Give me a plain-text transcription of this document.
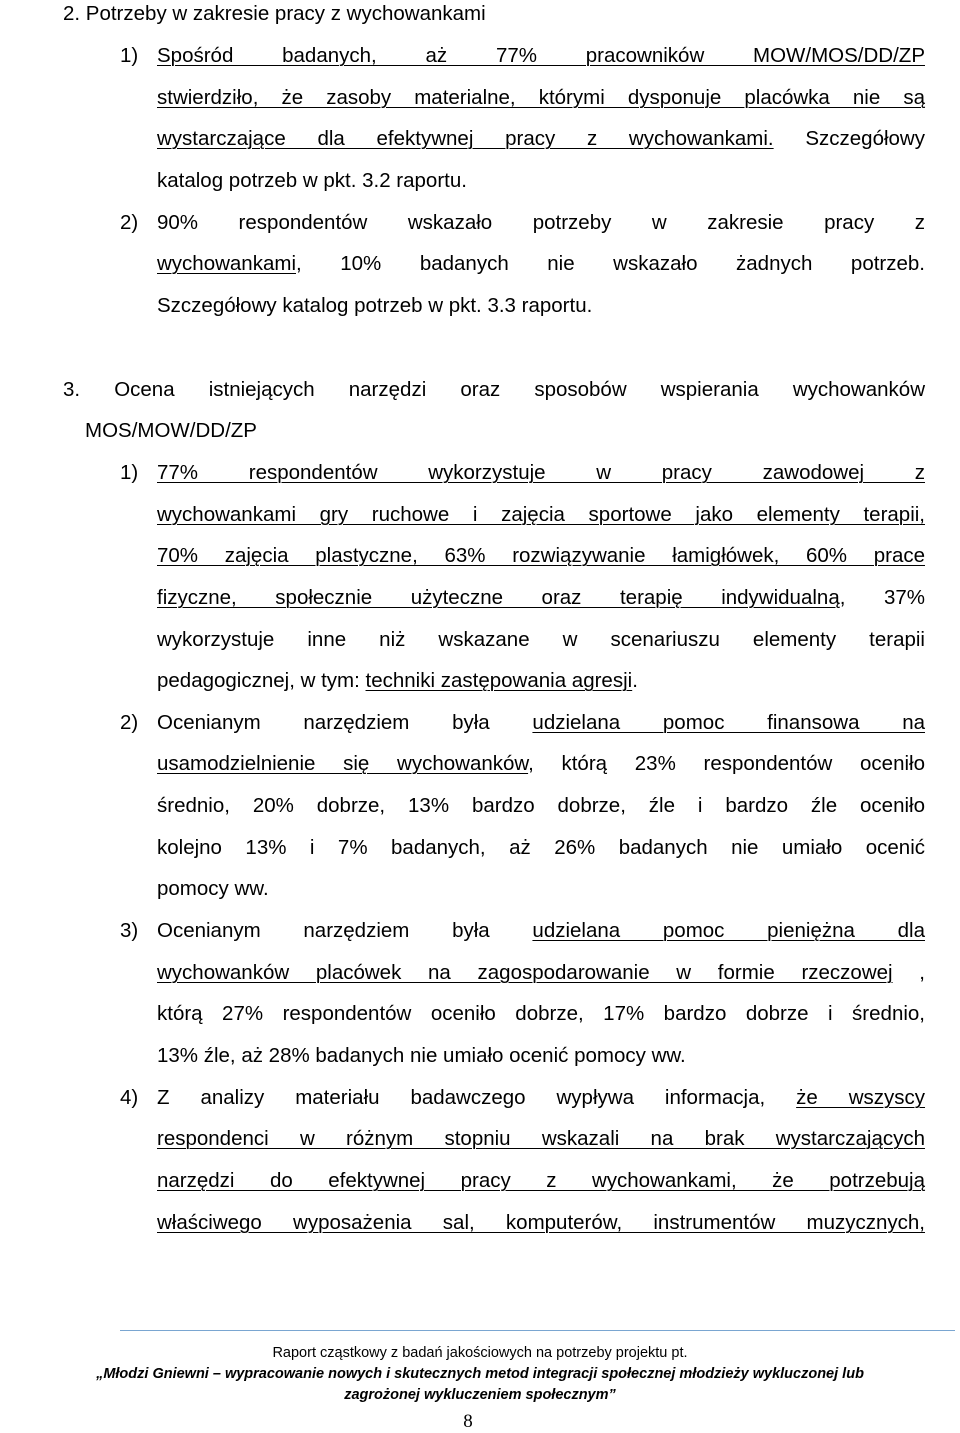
2. Potrzeby w zakresie pracy z wychowankami
1) Spośród badanych, aż 77% pracowników MOW/MOS/DD/ZP
stwierdziło, że zasoby materialne, którymi dysponuje placówka nie są
wystarczające dla efektywnej pracy z wychowankami. Szczegółowy
katalog potrzeb w pkt. 3.2 raportu.
2) 90% respondentów wskazało potrzeby w zakresie pracy z
wychowankami, 10% badanych nie wskazało żadnych potrzeb.
Szczegółowy katalog potrzeb w pkt. 3.3 raportu.
3. Ocena istniejących narzędzi oraz sposobów wspierania wychowanków
MOS/MOW/DD/ZP
1) 77% respondentów wykorzystuje w pracy zawodowej z
wychowankami gry ruchowe i zajęcia sportowe jako elementy terapii,
70% zajęcia plastyczne, 63% rozwiązywanie łamigłówek, 60% prace
fizyczne, społecznie użyteczne oraz terapię indywidualną, 37%
wykorzystuje inne niż wskazane w scenariuszu elementy terapii
pedagogicznej, w tym: techniki zastępowania agresji.
2) Ocenianym narzędziem była udzielana pomoc finansowa na
usamodzielnienie się wychowanków, którą 23% respondentów oceniło
średnio, 20% dobrze, 13% bardzo dobrze, źle i bardzo źle oceniło
kolejno 13% i 7% badanych, aż 26% badanych nie umiało ocenić
pomocy ww.
3) Ocenianym narzędziem była udzielana pomoc pieniężna dla
wychowanków placówek na zagospodarowanie w formie rzeczowej ,
którą 27% respondentów oceniło dobrze, 17% bardzo dobrze i średnio,
13% źle, aż 28% badanych nie umiało ocenić pomocy ww.
4) Z analizy materiału badawczego wypływa informacja, że wszyscy
respondenci w różnym stopniu wskazali na brak wystarczających
narzędzi do efektywnej pracy z wychowankami, że potrzebują
właściwego wyposażenia sal, komputerów, instrumentów muzycznych,
Raport cząstkowy z badań jakościowych na potrzeby projektu pt.
„Młodzi Gniewni – wypracowanie nowych i skutecznych metod integracji społecznej młodzieży wykluczonej lub
zagrożonej wykluczeniem społecznym”
8
